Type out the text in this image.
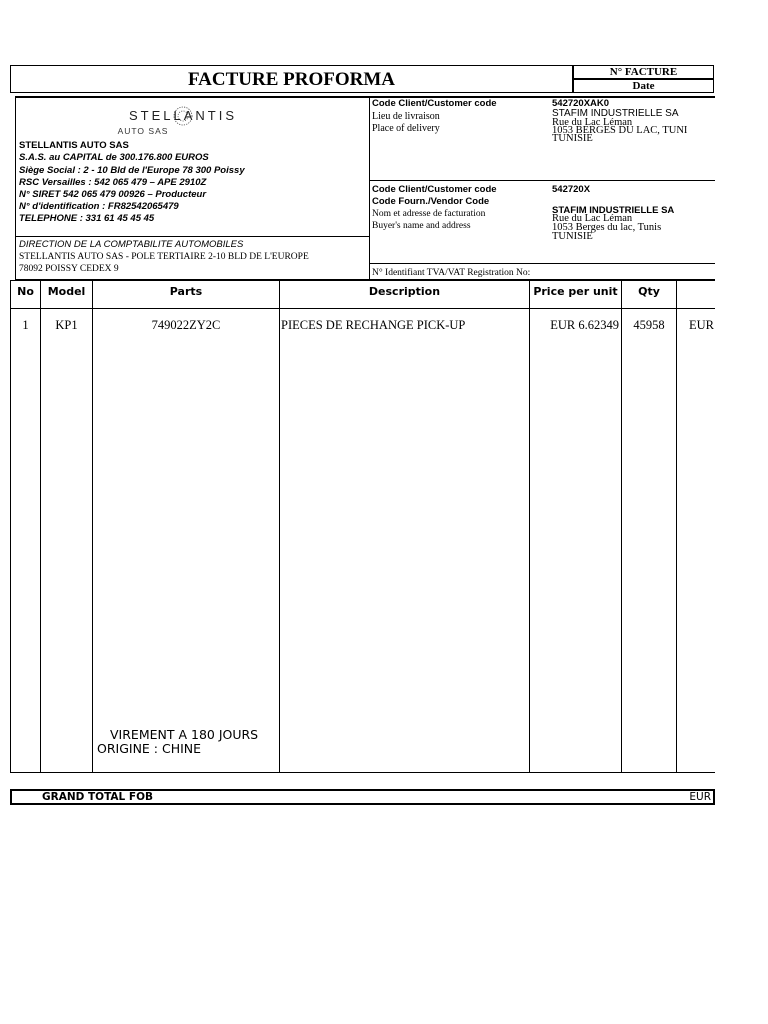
FACTURE PROFORMA	N° FACTURE
Date
STELLANTIS
AUTO SAS
STELLANTIS AUTO SAS
S.A.S. au CAPITAL de 300.176.800 EUROS
Siège Social : 2 - 10 Bld de l'Europe 78 300 Poissy
RSC Versailles : 542 065 479 – APE 2910Z
N° SIRET 542 065 479 00926 – Producteur
N° d'identification : FR82542065479
TELEPHONE : 331 61 45 45 45
DIRECTION DE LA COMPTABILITE AUTOMOBILES
STELLANTIS AUTO SAS - POLE TERTIAIRE 2-10 BLD DE L'EUROPE
78092 POISSY CEDEX 9
Code Client/Customer code	542720XAK0
Lieu de livraison
Place of delivery
STAFIM INDUSTRIELLE SA
Rue du Lac Léman
1053 BERGES DU LAC, TUNI
TUNISIE
Code Client/Customer code	542720X
Code Fourn./Vendor Code
Nom et adresse de facturation
Buyer's name and address
STAFIM INDUSTRIELLE SA
Rue du Lac Léman
1053 Berges du lac, Tunis
TUNISIE
N° Identifiant TVA/VAT Registration No:
No	Model	Parts	Description	Price per unit	Qty
1	KP1	749022ZY2C	PIECES DE RECHANGE PICK-UP	EUR 6.62349	45958	EUR
VIREMENT A 180 JOURS
ORIGINE : CHINE
GRAND TOTAL FOB	EUR
